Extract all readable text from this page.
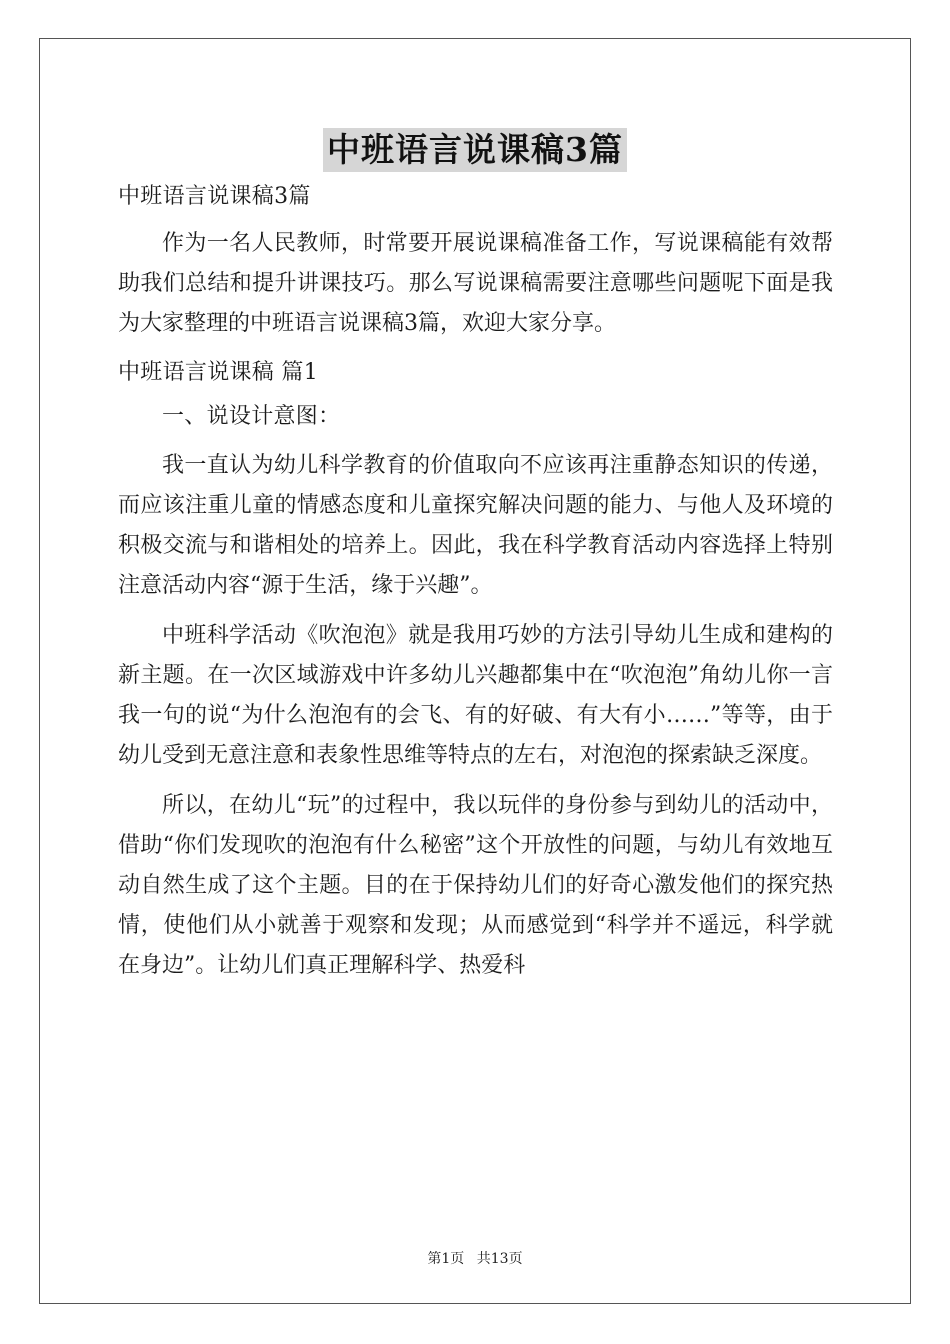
中班语言说课稿3篇
中班语言说课稿3篇

作为一名人民教师，时常要开展说课稿准备工作，写说课稿能有效帮助我们总结和提升讲课技巧。那么写说课稿需要注意哪些问题呢下面是我为大家整理的中班语言说课稿3篇，欢迎大家分享。

中班语言说课稿 篇1
一、说设计意图：

我一直认为幼儿科学教育的价值取向不应该再注重静态知识的传递，而应该注重儿童的情感态度和儿童探究解决问题的能力、与他人及环境的积极交流与和谐相处的培养上。因此，我在科学教育活动内容选择上特别注意活动内容“源于生活，缘于兴趣”。

中班科学活动《吹泡泡》就是我用巧妙的方法引导幼儿生成和建构的新主题。在一次区域游戏中许多幼儿兴趣都集中在“吹泡泡”角幼儿你一言我一句的说“为什么泡泡有的会飞、有的好破、有大有小……”等等，由于幼儿受到无意注意和表象性思维等特点的左右，对泡泡的探索缺乏深度。

所以，在幼儿“玩”的过程中，我以玩伴的身份参与到幼儿的活动中，借助“你们发现吹的泡泡有什么秘密”这个开放性的问题，与幼儿有效地互动自然生成了这个主题。目的在于保持幼儿们的好奇心激发他们的探究热情，使他们从小就善于观察和发现；从而感觉到“科学并不遥远，科学就在身边”。让幼儿们真正理解科学、热爱科

第1页 共13页
